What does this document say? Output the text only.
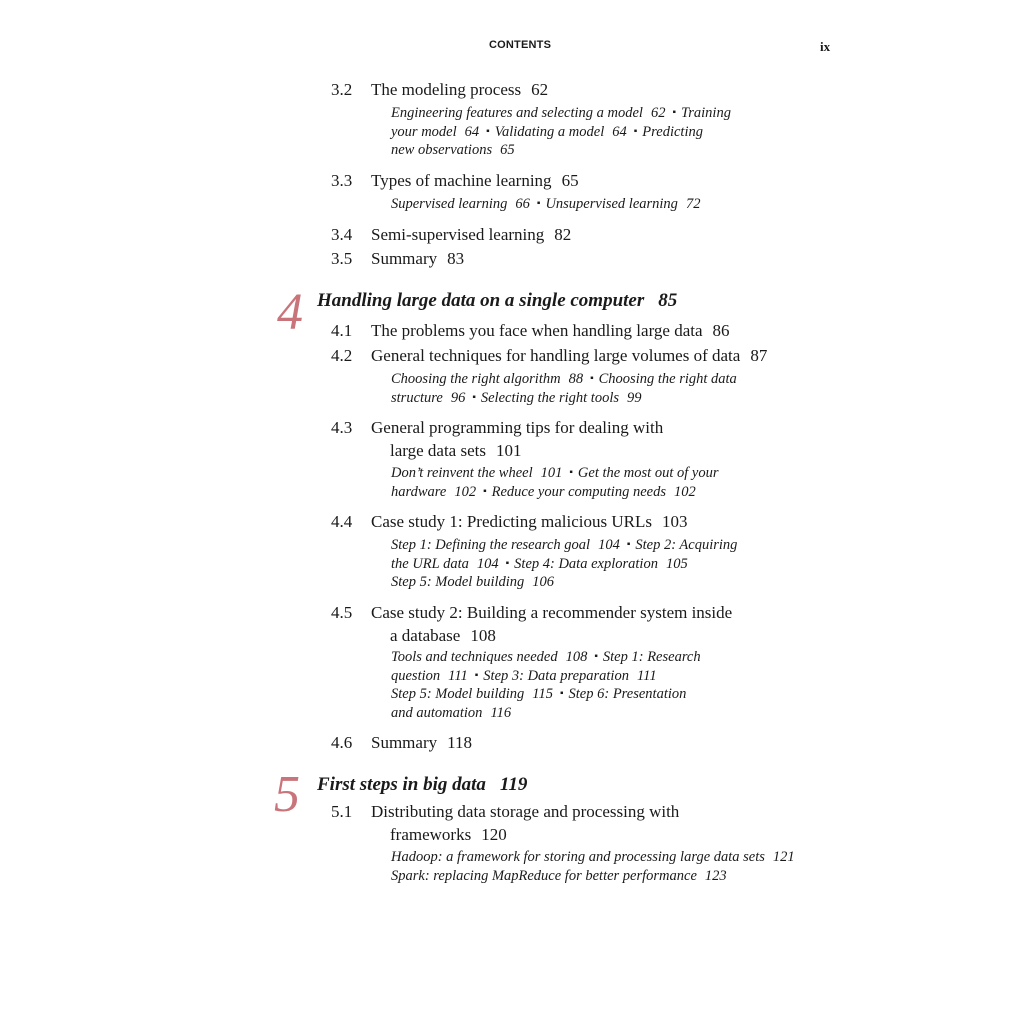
CONTENTS	ix
3.2 The modeling process 62
Engineering features and selecting a model 62 ▪ Training
your model 64 ▪ Validating a model 64 ▪ Predicting
new observations 65
3.3 Types of machine learning 65
Supervised learning 66 ▪ Unsupervised learning 72
3.4 Semi-supervised learning 82
3.5 Summary 83
4 Handling large data on a single computer 85
4.1 The problems you face when handling large data 86
4.2 General techniques for handling large volumes of data 87
Choosing the right algorithm 88 ▪ Choosing the right data
structure 96 ▪ Selecting the right tools 99
4.3 General programming tips for dealing with
large data sets 101
Don’t reinvent the wheel 101 ▪ Get the most out of your
hardware 102 ▪ Reduce your computing needs 102
4.4 Case study 1: Predicting malicious URLs 103
Step 1: Defining the research goal 104 ▪ Step 2: Acquiring
the URL data 104 ▪ Step 4: Data exploration 105
Step 5: Model building 106
4.5 Case study 2: Building a recommender system inside
a database 108
Tools and techniques needed 108 ▪ Step 1: Research
question 111 ▪ Step 3: Data preparation 111
Step 5: Model building 115 ▪ Step 6: Presentation
and automation 116
4.6 Summary 118
5 First steps in big data 119
5.1 Distributing data storage and processing with
frameworks 120
Hadoop: a framework for storing and processing large data sets 121
Spark: replacing MapReduce for better performance 123
